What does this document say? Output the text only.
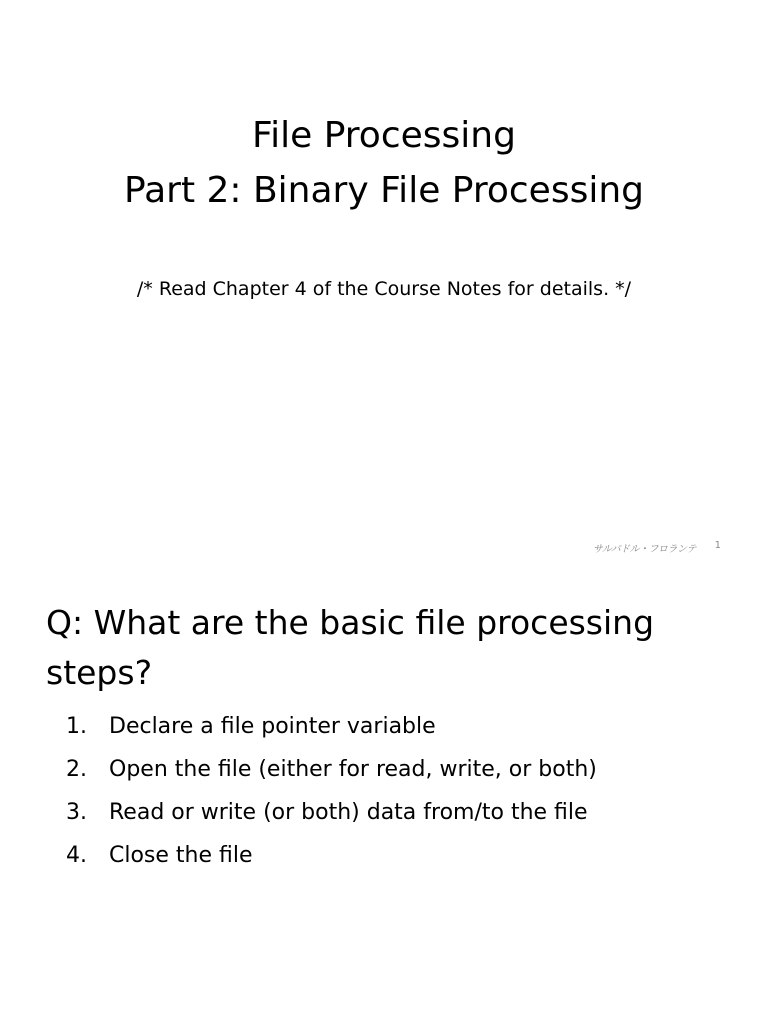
File Processing
Part 2: Binary File Processing
/* Read Chapter 4 of the Course Notes for details. */
サルバドル・フロランテ 1
Q: What are the basic file processing steps?
1.	Declare a file pointer variable
2.	Open the file (either for read, write, or both)
3.	Read or write (or both) data from/to the file
4.	Close the file
